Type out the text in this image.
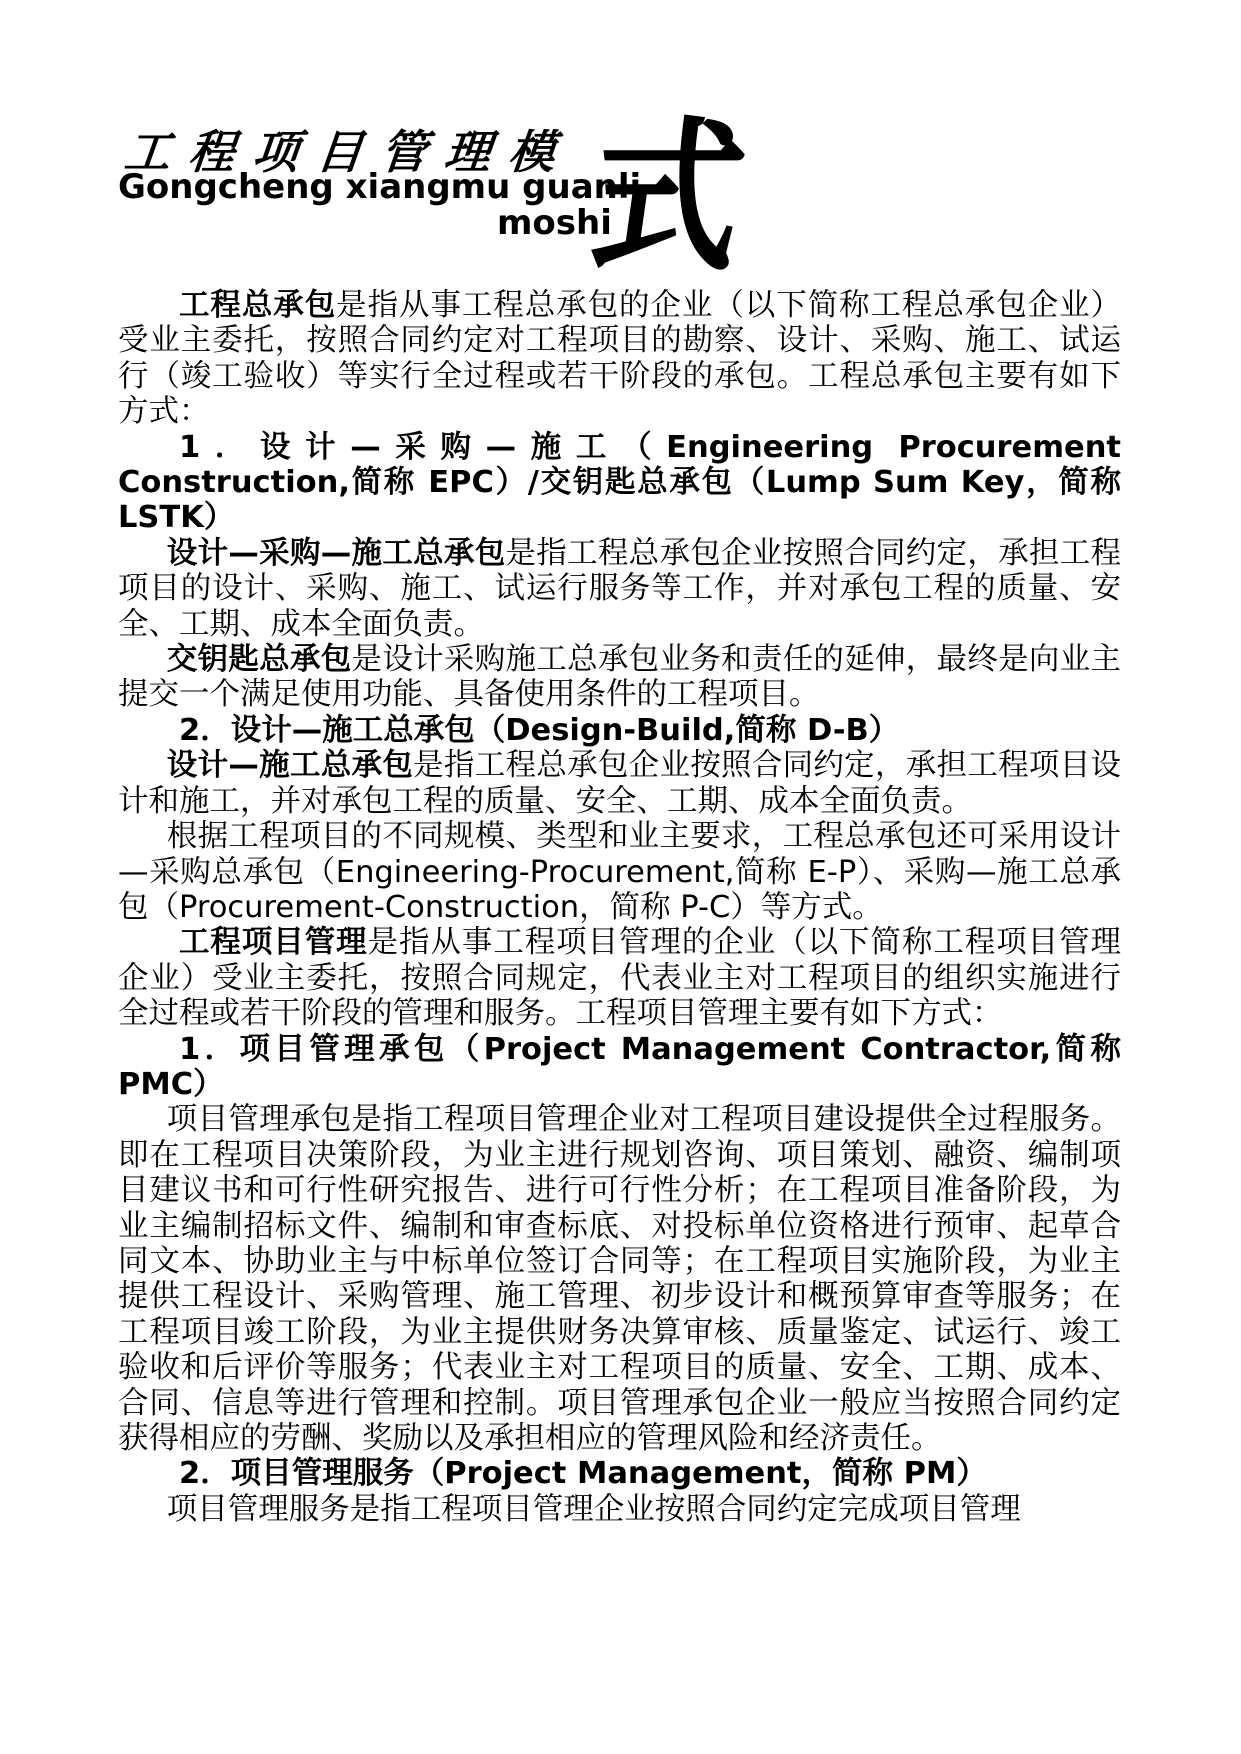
工程项目管理模
Gongcheng xiangmu guanli
moshi
式

工程总承包是指从事工程总承包的企业（以下简称工程总承包企业）受业主委托，按照合同约定对工程项目的勘察、设计、采购、施工、试运行（竣工验收）等实行全过程或若干阶段的承包。工程总承包主要有如下方式：

1．设计—采购—施工（Engineering Procurement Construction,简称 EPC）/交钥匙总承包（Lump Sum Key，简称 LSTK）

设计—采购—施工总承包是指工程总承包企业按照合同约定，承担工程项目的设计、采购、施工、试运行服务等工作，并对承包工程的质量、安全、工期、成本全面负责。

交钥匙总承包是设计采购施工总承包业务和责任的延伸，最终是向业主提交一个满足使用功能、具备使用条件的工程项目。

2．设计—施工总承包（Design-Build,简称 D-B）

设计—施工总承包是指工程总承包企业按照合同约定，承担工程项目设计和施工，并对承包工程的质量、安全、工期、成本全面负责。

根据工程项目的不同规模、类型和业主要求，工程总承包还可采用设计—采购总承包（Engineering-Procurement,简称 E-P）、采购—施工总承包（Procurement-Construction，简称 P-C）等方式。

工程项目管理是指从事工程项目管理的企业（以下简称工程项目管理企业）受业主委托，按照合同规定，代表业主对工程项目的组织实施进行全过程或若干阶段的管理和服务。工程项目管理主要有如下方式：

1．项目管理承包（Project Management Contractor,简称 PMC）

项目管理承包是指工程项目管理企业对工程项目建设提供全过程服务。即在工程项目决策阶段，为业主进行规划咨询、项目策划、融资、编制项目建议书和可行性研究报告、进行可行性分析；在工程项目准备阶段，为业主编制招标文件、编制和审查标底、对投标单位资格进行预审、起草合同文本、协助业主与中标单位签订合同等；在工程项目实施阶段，为业主提供工程设计、采购管理、施工管理、初步设计和概预算审查等服务；在工程项目竣工阶段，为业主提供财务决算审核、质量鉴定、试运行、竣工验收和后评价等服务；代表业主对工程项目的质量、安全、工期、成本、合同、信息等进行管理和控制。项目管理承包企业一般应当按照合同约定获得相应的劳酬、奖励以及承担相应的管理风险和经济责任。

2．项目管理服务（Project Management，简称 PM）

项目管理服务是指工程项目管理企业按照合同约定完成项目管理
